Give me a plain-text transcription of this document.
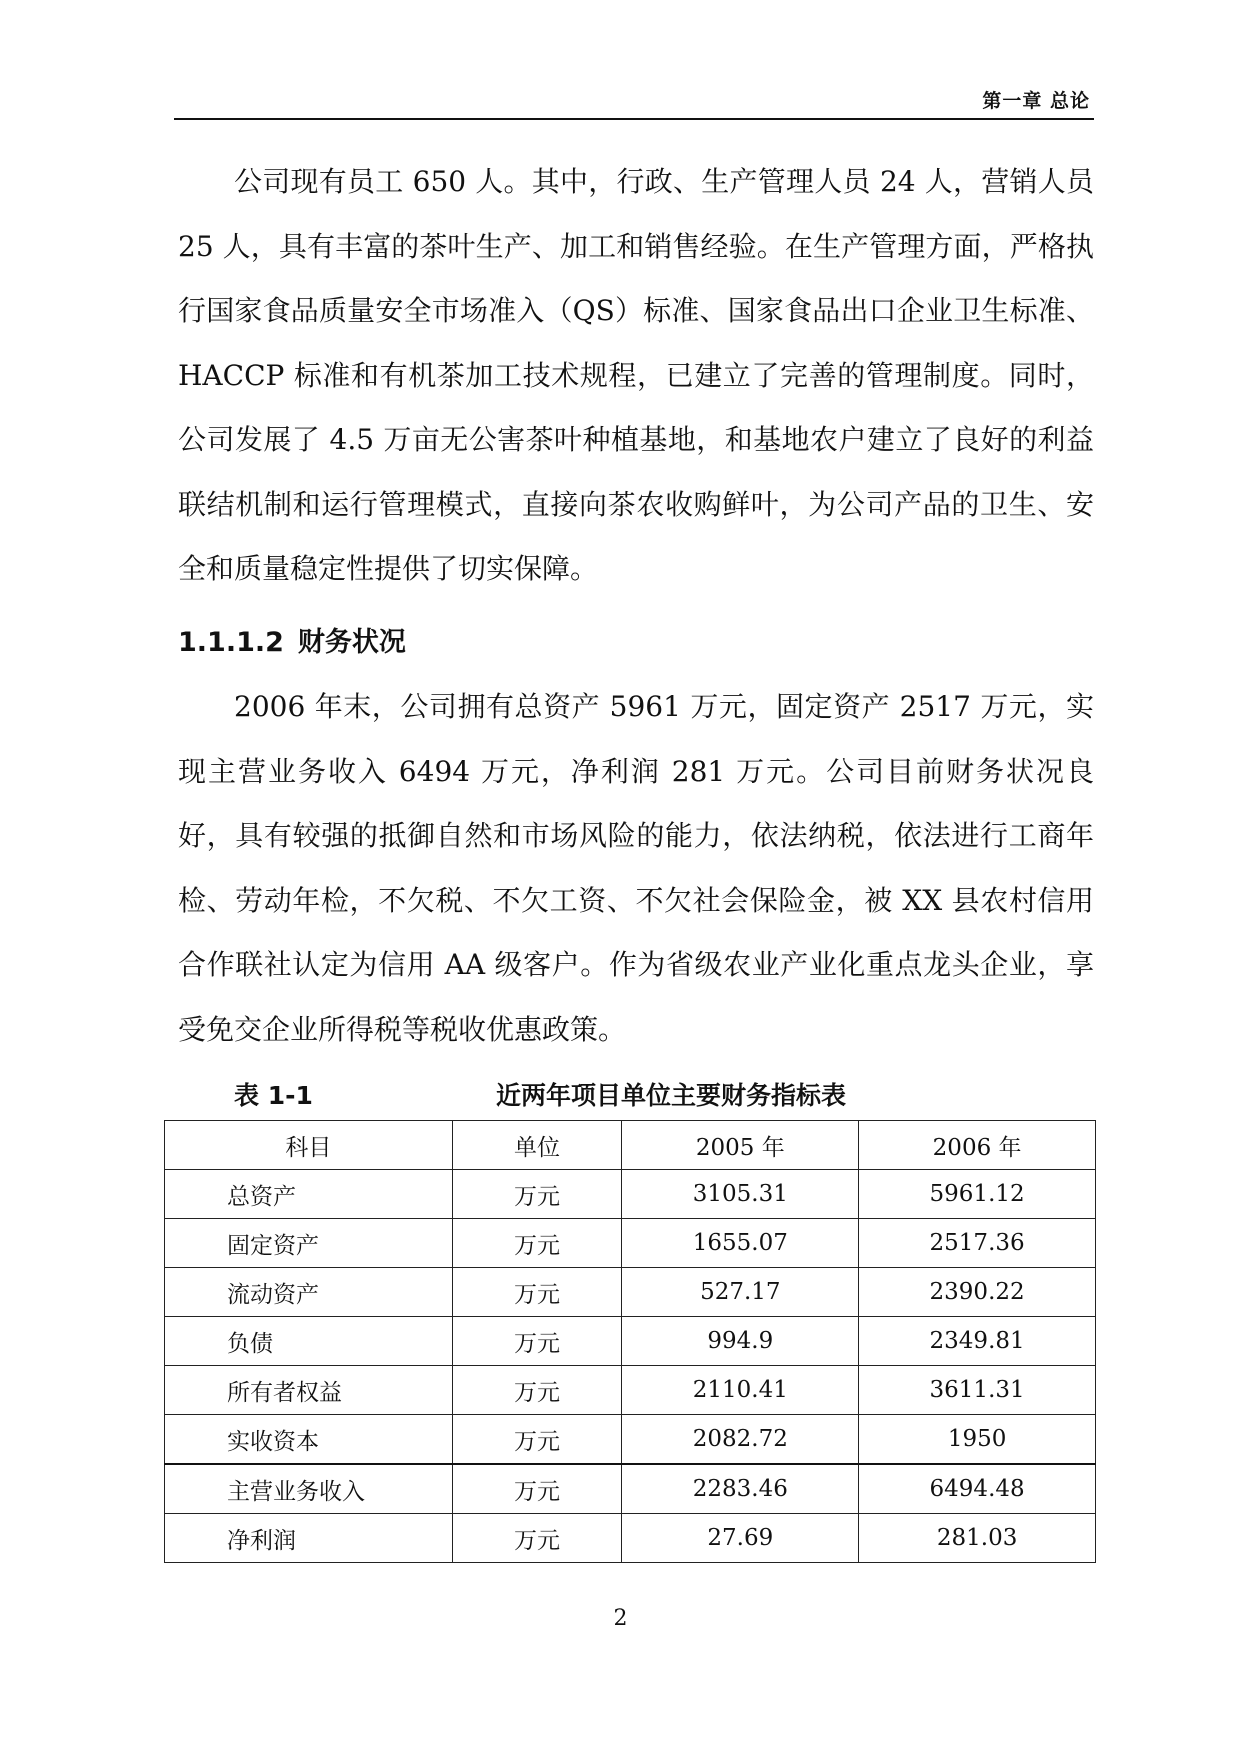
第一章 总论

公司现有员工 650 人。其中，行政、生产管理人员 24 人，营销人员 25 人，具有丰富的茶叶生产、加工和销售经验。在生产管理方面，严格执行国家食品质量安全市场准入（QS）标准、国家食品出口企业卫生标准、HACCP 标准和有机茶加工技术规程，已建立了完善的管理制度。同时，公司发展了 4.5 万亩无公害茶叶种植基地，和基地农户建立了良好的利益联结机制和运行管理模式，直接向茶农收购鲜叶，为公司产品的卫生、安全和质量稳定性提供了切实保障。

1.1.1.2 财务状况

2006 年末，公司拥有总资产 5961 万元，固定资产 2517 万元，实现主营业务收入 6494 万元，净利润 281 万元。公司目前财务状况良好，具有较强的抵御自然和市场风险的能力，依法纳税，依法进行工商年检、劳动年检，不欠税、不欠工资、不欠社会保险金，被 XX 县农村信用合作联社认定为信用 AA 级客户。作为省级农业产业化重点龙头企业，享受免交企业所得税等税收优惠政策。

表 1-1	近两年项目单位主要财务指标表
科目	单位	2005 年	2006 年
总资产	万元	3105.31	5961.12
固定资产	万元	1655.07	2517.36
流动资产	万元	527.17	2390.22
负债	万元	994.9	2349.81
所有者权益	万元	2110.41	3611.31
实收资本	万元	2082.72	1950
主营业务收入	万元	2283.46	6494.48
净利润	万元	27.69	281.03
2
